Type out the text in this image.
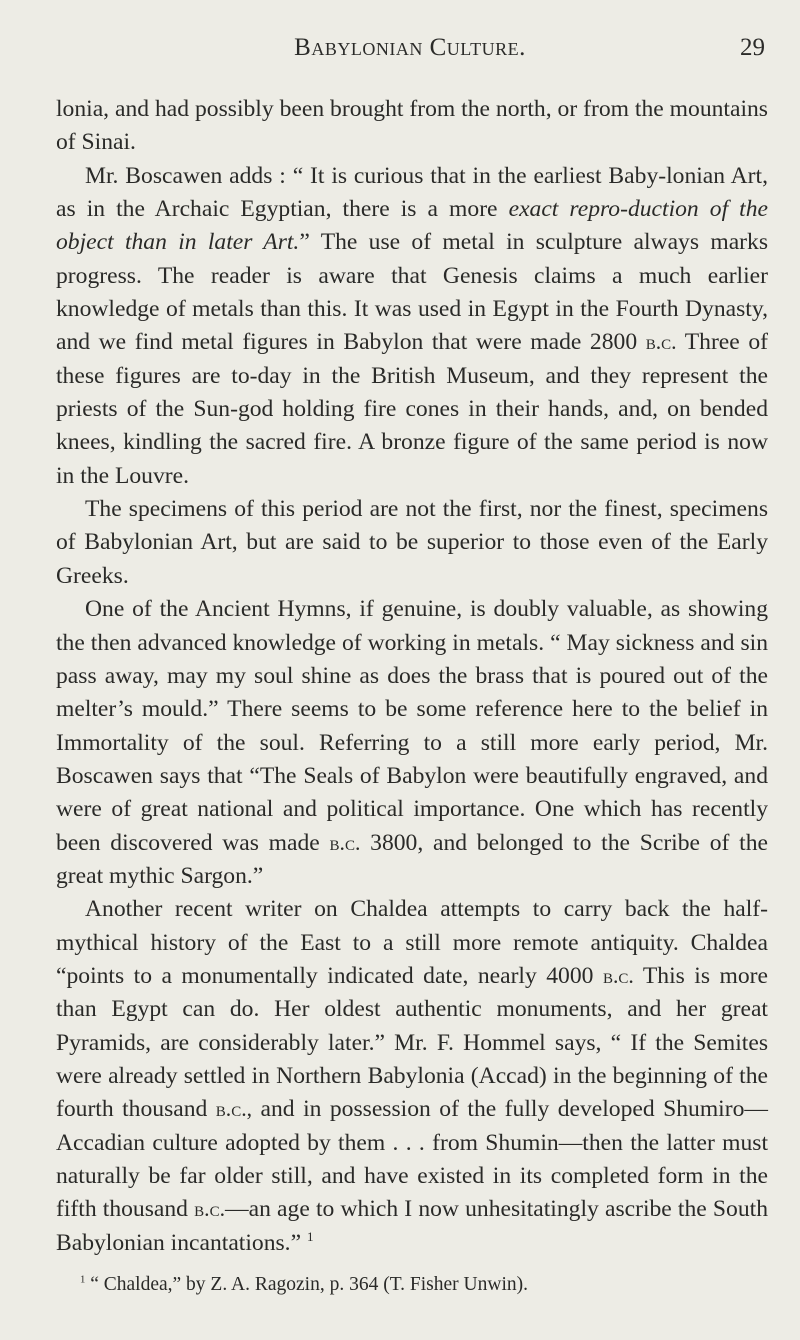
Babylonian Culture.	29

lonia, and had possibly been brought from the north, or from the mountains of Sinai.

Mr. Boscawen adds : “ It is curious that in the earliest Baby-lonian Art, as in the Archaic Egyptian, there is a more exact repro-duction of the object than in later Art.” The use of metal in sculpture always marks progress. The reader is aware that Genesis claims a much earlier knowledge of metals than this. It was used in Egypt in the Fourth Dynasty, and we find metal figures in Babylon that were made 2800 b.c. Three of these figures are to-day in the British Museum, and they represent the priests of the Sun-god holding fire cones in their hands, and, on bended knees, kindling the sacred fire. A bronze figure of the same period is now in the Louvre.

The specimens of this period are not the first, nor the finest, specimens of Babylonian Art, but are said to be superior to those even of the Early Greeks.

One of the Ancient Hymns, if genuine, is doubly valuable, as showing the then advanced knowledge of working in metals. “ May sickness and sin pass away, may my soul shine as does the brass that is poured out of the melter’s mould.” There seems to be some reference here to the belief in Immortality of the soul. Referring to a still more early period, Mr. Boscawen says that “The Seals of Babylon were beautifully engraved, and were of great national and political importance. One which has recently been discovered was made b.c. 3800, and belonged to the Scribe of the great mythic Sargon.”

Another recent writer on Chaldea attempts to carry back the half-mythical history of the East to a still more remote antiquity. Chaldea “points to a monumentally indicated date, nearly 4000 b.c. This is more than Egypt can do. Her oldest authentic monuments, and her great Pyramids, are considerably later.” Mr. F. Hommel says, “ If the Semites were already settled in Northern Babylonia (Accad) in the beginning of the fourth thousand b.c., and in possession of the fully developed Shumiro—Accadian culture adopted by them . . . from Shumin—then the latter must naturally be far older still, and have existed in its completed form in the fifth thousand b.c.—an age to which I now unhesitatingly ascribe the South Babylonian incantations.” $^1$

$^1$ “ Chaldea,” by Z. A. Ragozin, p. 364 (T. Fisher Unwin).
